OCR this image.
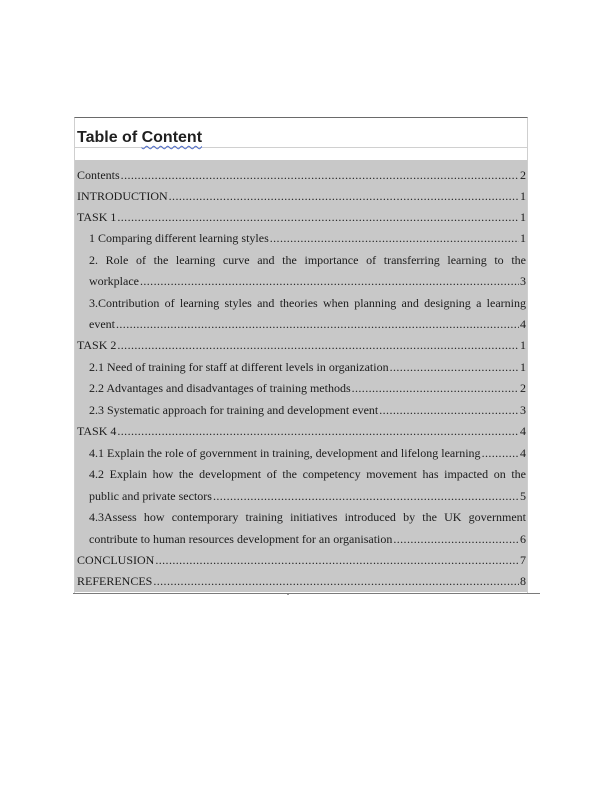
Table of Content
Contents .....	2
INTRODUCTION .....	1
TASK 1 .....	1
1 Comparing different learning styles .....	1
2. Role of the learning curve and the importance of transferring learning to the
workplace .....	3
3.Contribution of learning styles and theories when planning and designing a learning
event .....	4
TASK 2 .....	1
2.1 Need of training for staff at different levels in organization .....	1
2.2 Advantages and disadvantages of training methods .....	2
2.3 Systematic approach for training and development event .....	3
TASK 4 .....	4
4.1 Explain the role of government in training, development and lifelong learning .....	4
4.2 Explain how the development of the competency movement has impacted on the
public and private sectors .....	5
4.3Assess how contemporary training initiatives introduced by the UK government
contribute to human resources development for an organisation .....	6
CONCLUSION .....	7
REFERENCES .....	8
